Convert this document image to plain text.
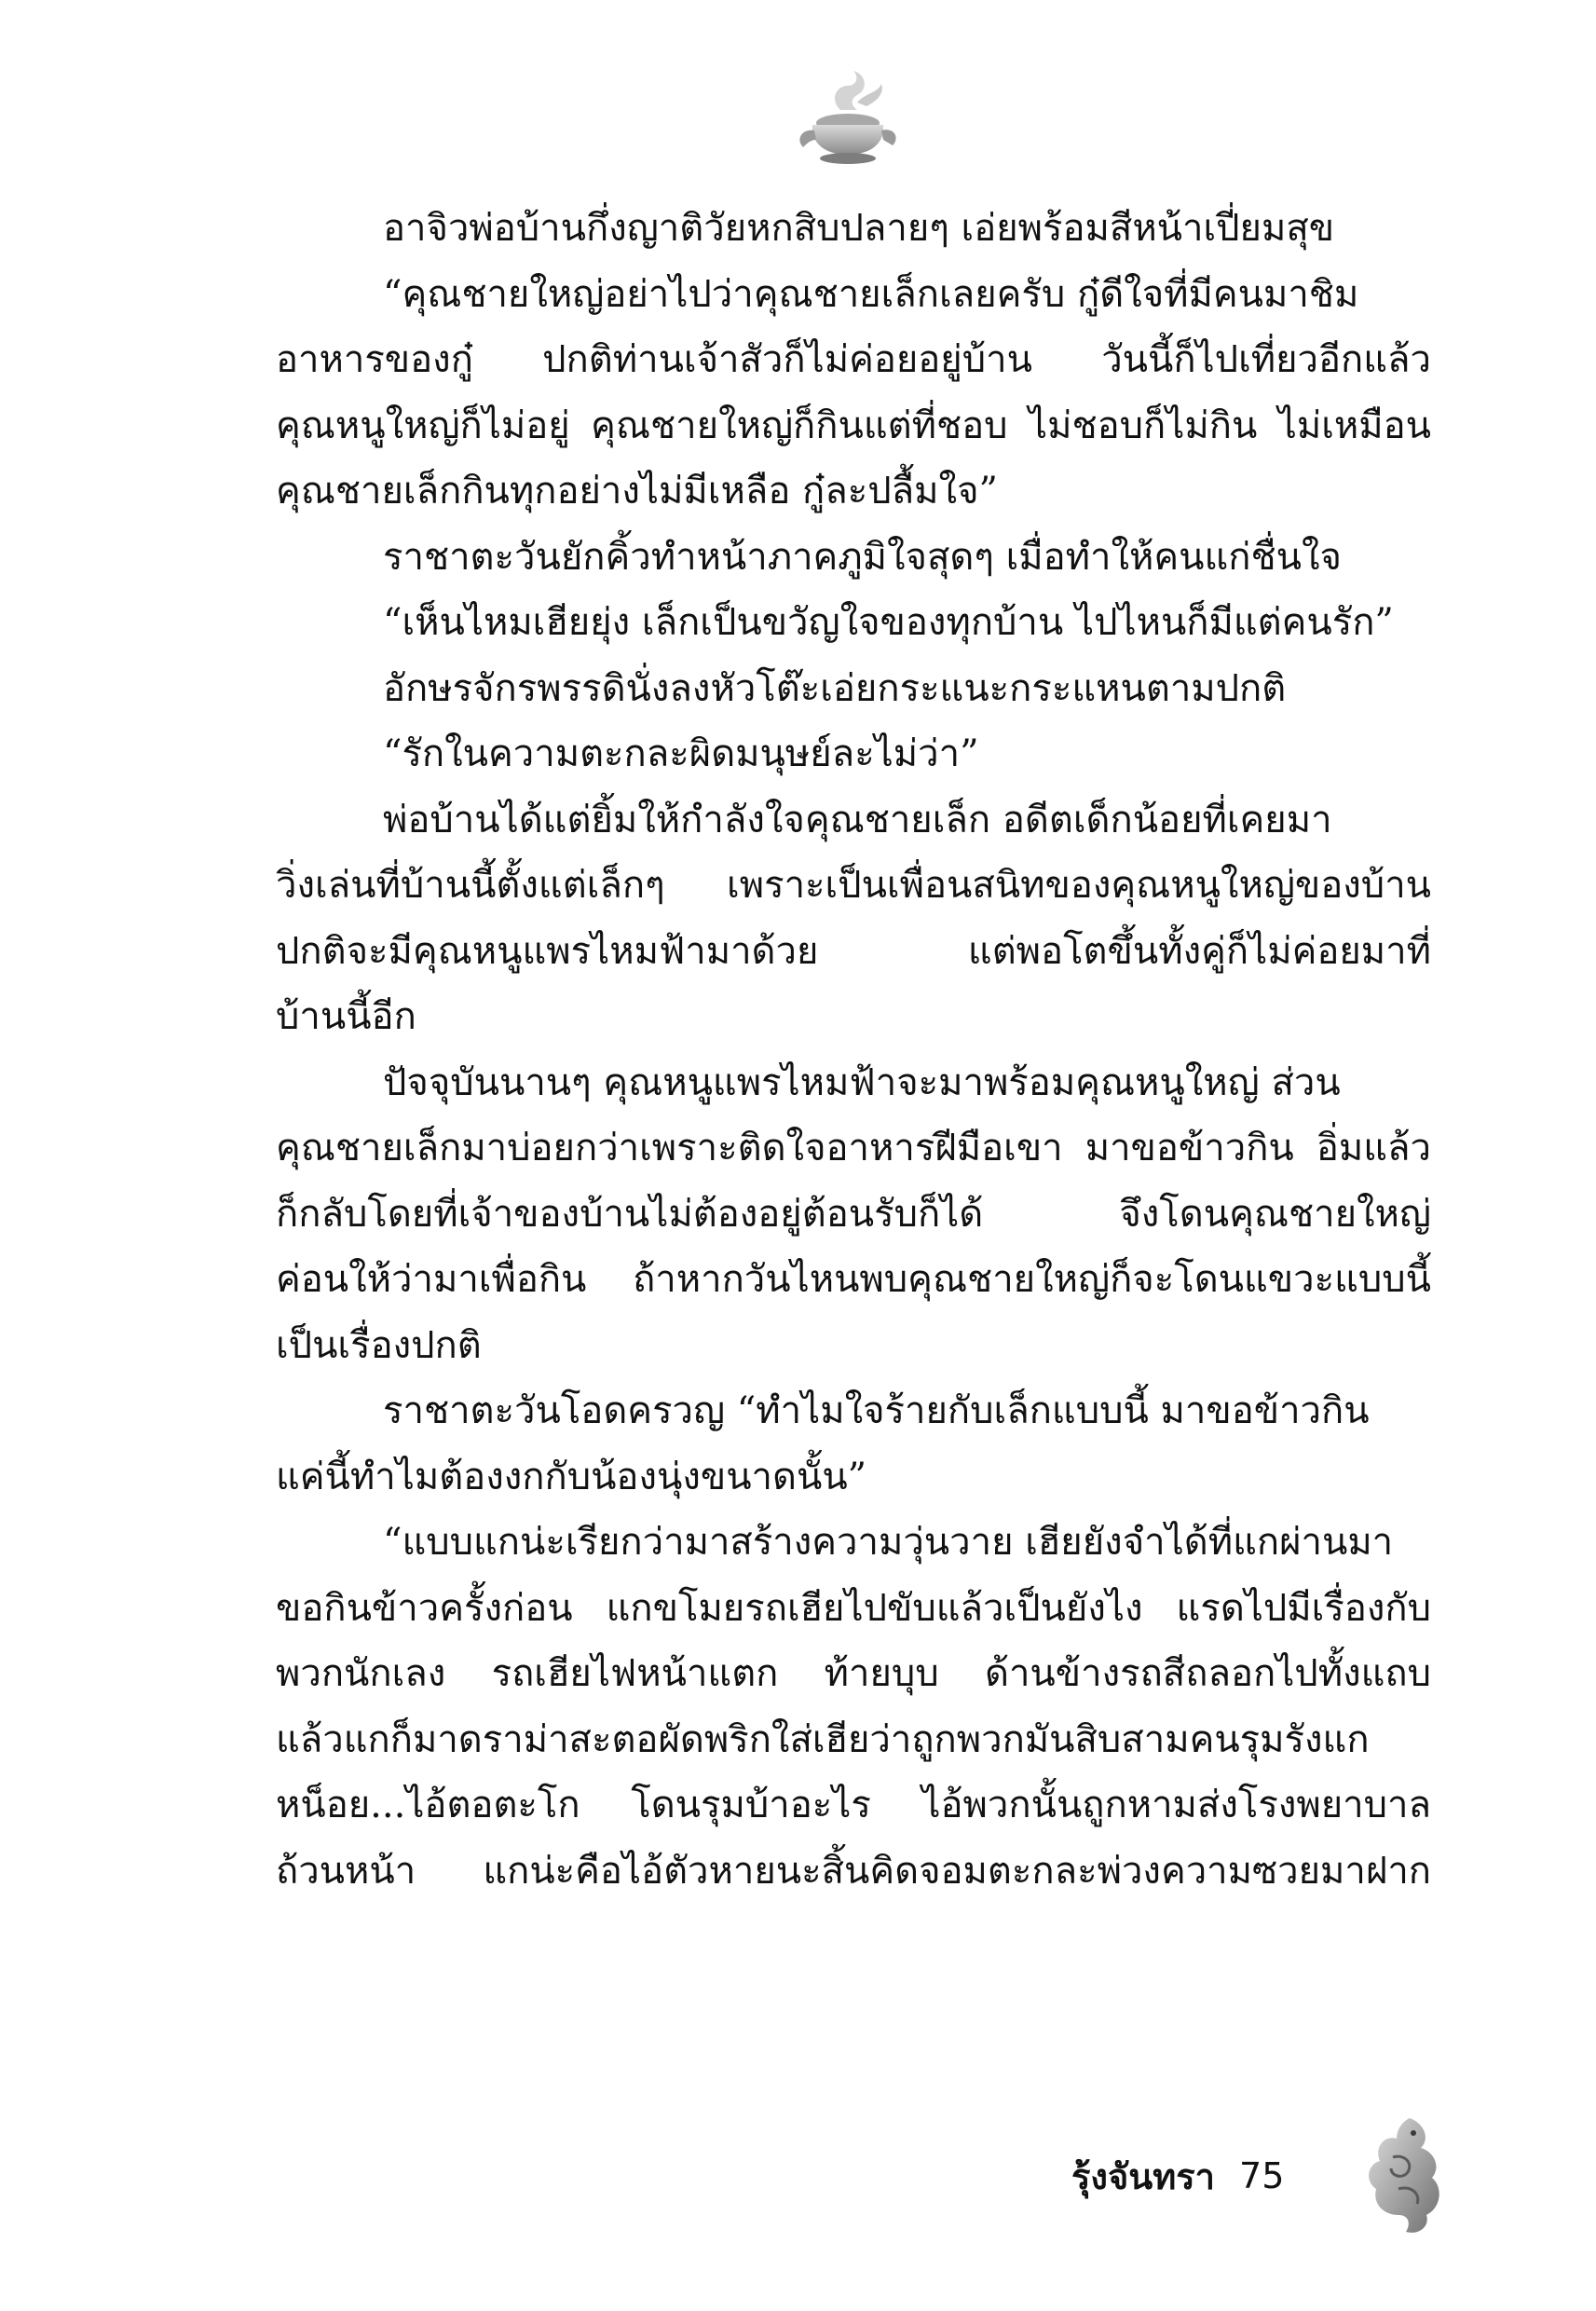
อาจิวพ่อบ้านกึ่งญาติวัยหกสิบปลายๆ เอ่ยพร้อมสีหน้าเปี่ยมสุข
“คุณชายใหญ่อย่าไปว่าคุณชายเล็กเลยครับ กู๋ดีใจที่มีคนมาชิม
อาหารของกู๋ ปกติท่านเจ้าสัวก็ไม่ค่อยอยู่บ้าน วันนี้ก็ไปเที่ยวอีกแล้ว
คุณหนูใหญ่ก็ไม่อยู่ คุณชายใหญ่ก็กินแต่ที่ชอบ ไม่ชอบก็ไม่กิน ไม่เหมือน
คุณชายเล็กกินทุกอย่างไม่มีเหลือ กู๋ละปลื้มใจ”
ราชาตะวันยักคิ้วทำหน้าภาคภูมิใจสุดๆ เมื่อทำให้คนแก่ชื่นใจ
“เห็นไหมเฮียยุ่ง เล็กเป็นขวัญใจของทุกบ้าน ไปไหนก็มีแต่คนรัก”
อักษรจักรพรรดินั่งลงหัวโต๊ะเอ่ยกระแนะกระแหนตามปกติ
“รักในความตะกละผิดมนุษย์ละไม่ว่า”
พ่อบ้านได้แต่ยิ้มให้กำลังใจคุณชายเล็ก อดีตเด็กน้อยที่เคยมา
วิ่งเล่นที่บ้านนี้ตั้งแต่เล็กๆ เพราะเป็นเพื่อนสนิทของคุณหนูใหญ่ของบ้าน
ปกติจะมีคุณหนูแพรไหมฟ้ามาด้วย แต่พอโตขึ้นทั้งคู่ก็ไม่ค่อยมาที่
บ้านนี้อีก
ปัจจุบันนานๆ คุณหนูแพรไหมฟ้าจะมาพร้อมคุณหนูใหญ่ ส่วน
คุณชายเล็กมาบ่อยกว่าเพราะติดใจอาหารฝีมือเขา มาขอข้าวกิน อิ่มแล้ว
ก็กลับโดยที่เจ้าของบ้านไม่ต้องอยู่ต้อนรับก็ได้ จึงโดนคุณชายใหญ่
ค่อนให้ว่ามาเพื่อกิน ถ้าหากวันไหนพบคุณชายใหญ่ก็จะโดนแขวะแบบนี้
เป็นเรื่องปกติ
ราชาตะวันโอดครวญ “ทำไมใจร้ายกับเล็กแบบนี้ มาขอข้าวกิน
แค่นี้ทำไมต้องงกกับน้องนุ่งขนาดนั้น”
“แบบแกน่ะเรียกว่ามาสร้างความวุ่นวาย เฮียยังจำได้ที่แกผ่านมา
ขอกินข้าวครั้งก่อน แกขโมยรถเฮียไปขับแล้วเป็นยังไง แรดไปมีเรื่องกับ
พวกนักเลง รถเฮียไฟหน้าแตก ท้ายบุบ ด้านข้างรถสีถลอกไปทั้งแถบ
แล้วแกก็มาดราม่าสะตอผัดพริกใส่เฮียว่าถูกพวกมันสิบสามคนรุมรังแก
หน็อย...ไอ้ตอตะโก โดนรุมบ้าอะไร ไอ้พวกนั้นถูกหามส่งโรงพยาบาล
ถ้วนหน้า แกน่ะคือไอ้ตัวหายนะสิ้นคิดจอมตะกละพ่วงความซวยมาฝาก
รุ้งจันทรา 75
